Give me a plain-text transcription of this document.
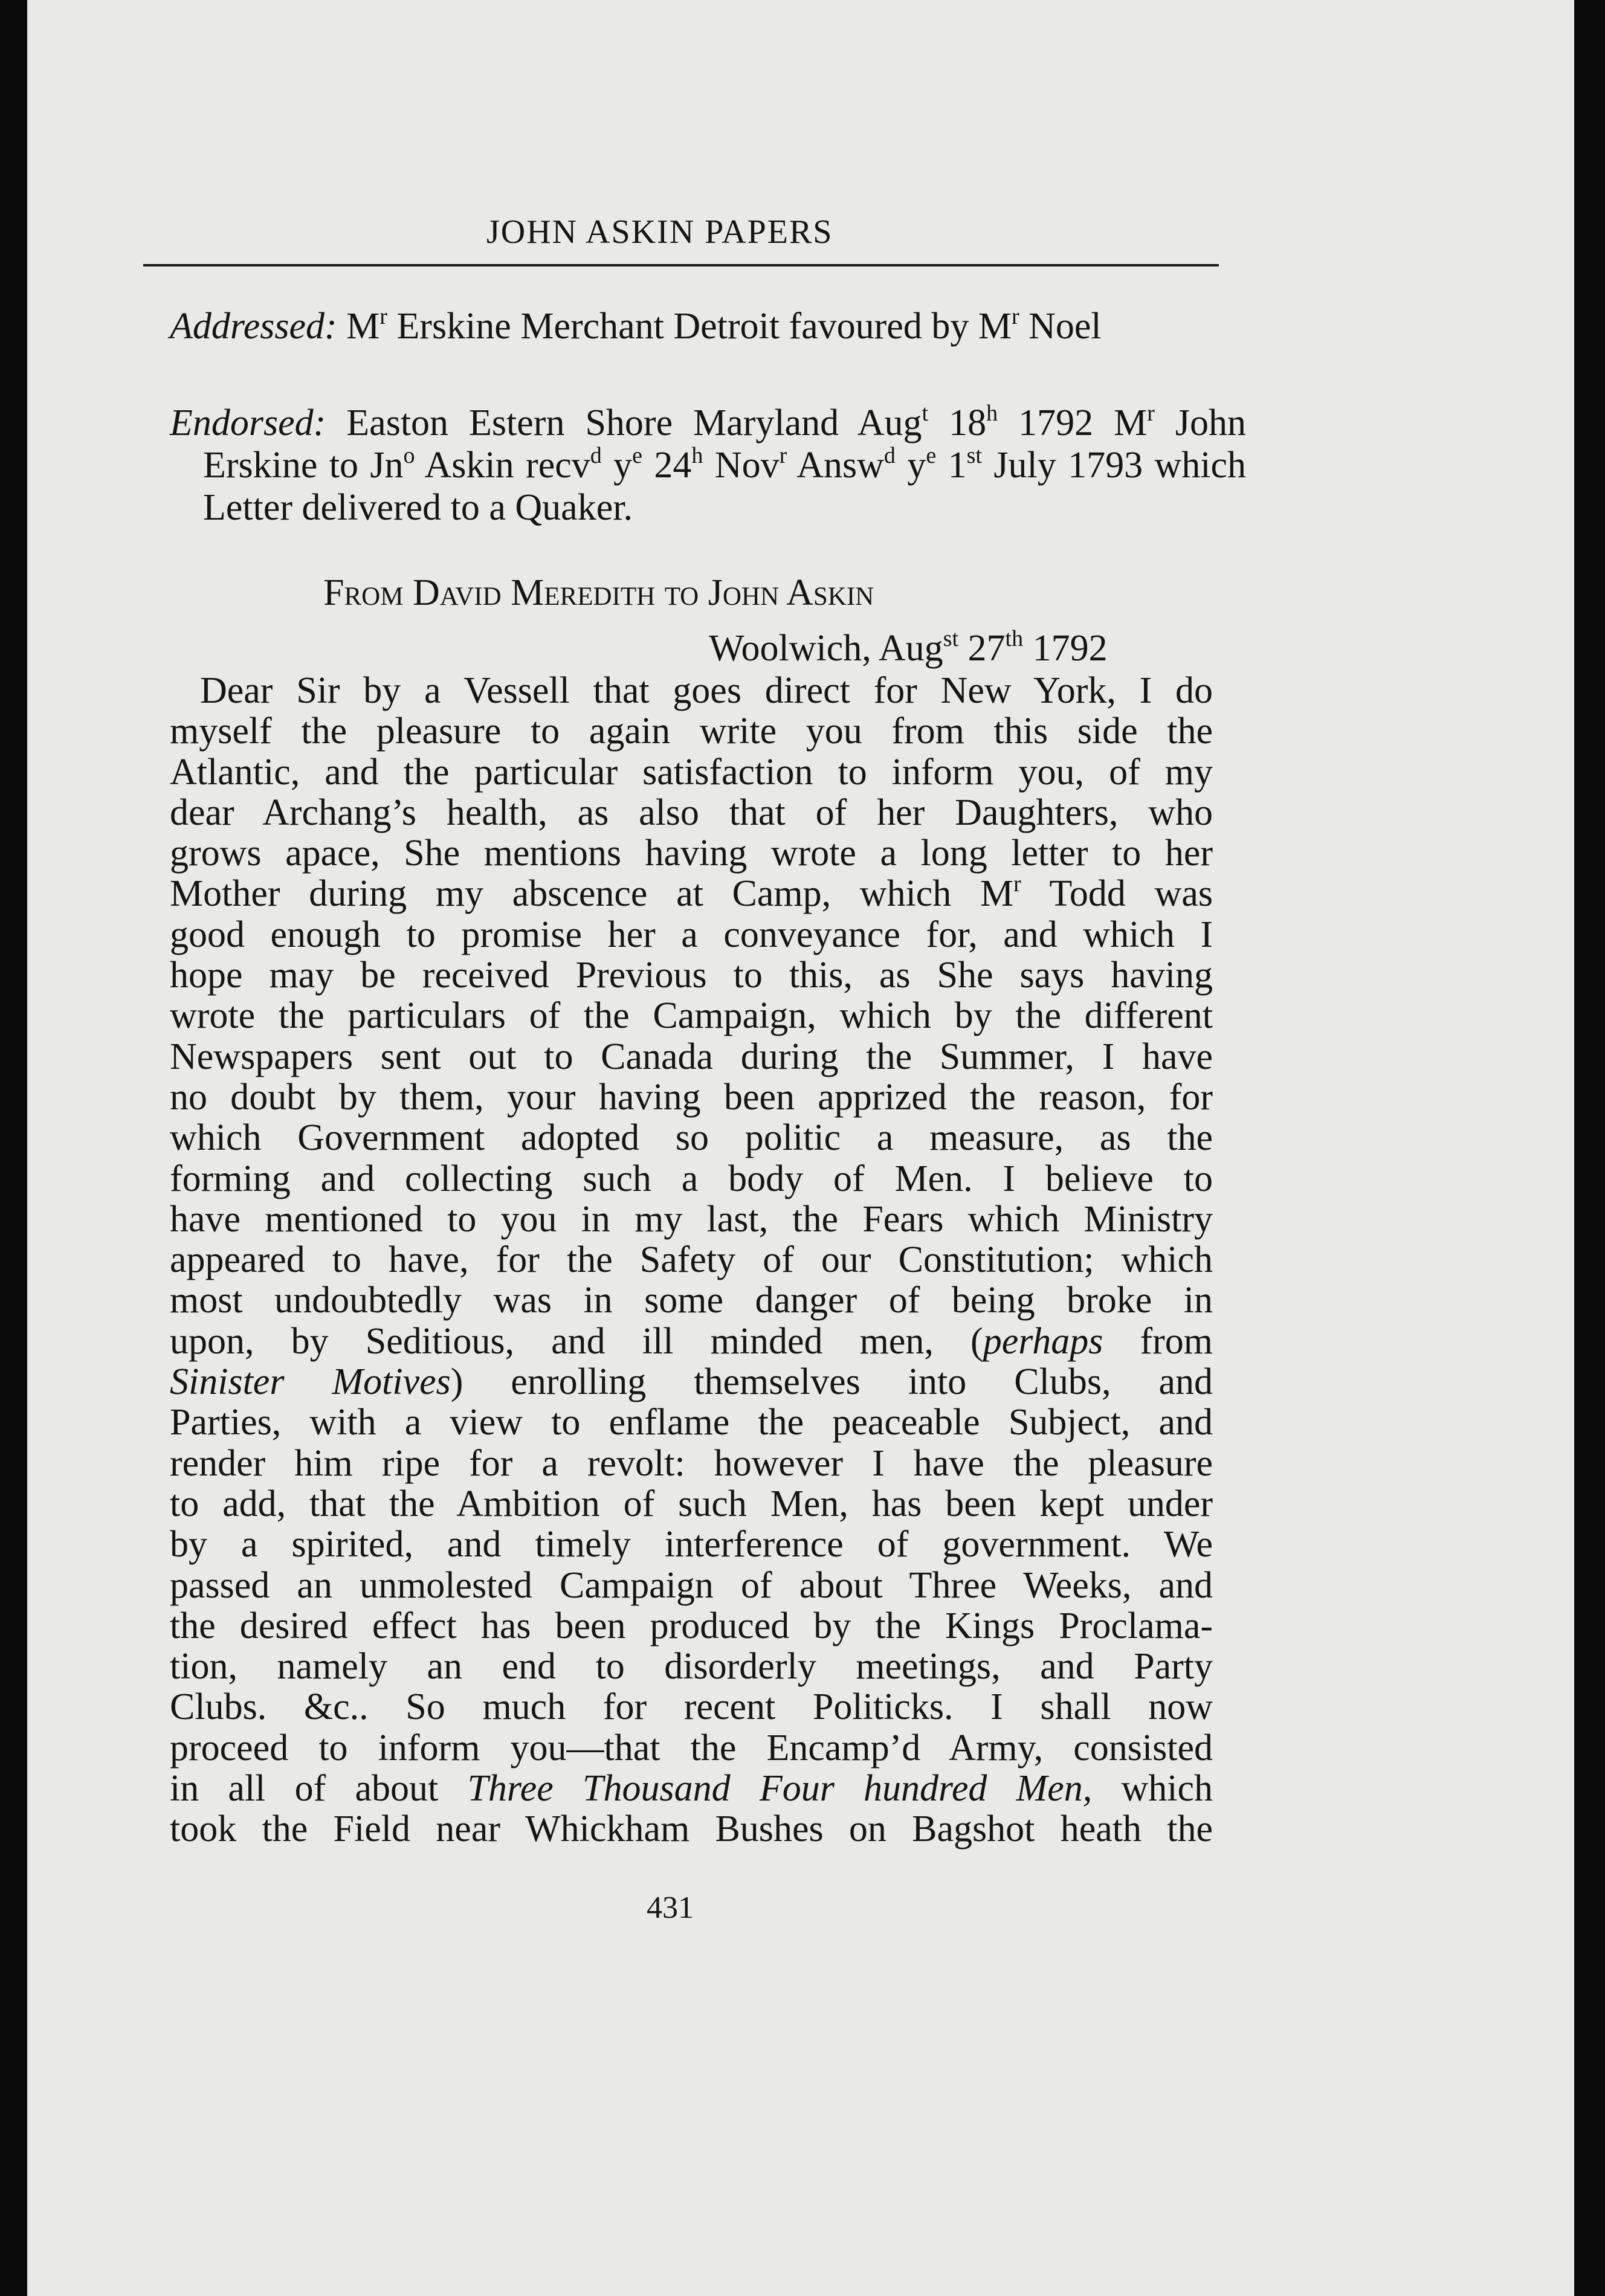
JOHN ASKIN PAPERS
Addressed: $M^r$ Erskine Merchant Detroit favoured by $M^r$ Noel
Endorsed: Easton Estern Shore Maryland Aug$^t$ 18$^h$ 1792 $M^r$ John Erskine to Jn$^o$ Askin recv$^d$ $y^e$ 24$^h$ Nov$^r$ Answ$^d$ $y^e$ 1st July 1793 which Letter delivered to a Quaker.
From David Meredith to John Askin
Woolwich, Aug$^{st}$ 27th 1792
Dear Sir by a Vessell that goes direct for New York, I do
myself the pleasure to again write you from this side the
Atlantic, and the particular satisfaction to inform you, of my
dear Archang’s health, as also that of her Daughters, who
grows apace, She mentions having wrote a long letter to her
Mother during my abscence at Camp, which $M^r$ Todd was
good enough to promise her a conveyance for, and which I
hope may be received Previous to this, as She says having
wrote the particulars of the Campaign, which by the different
Newspapers sent out to Canada during the Summer, I have
no doubt by them, your having been apprized the reason, for
which Government adopted so politic a measure, as the
forming and collecting such a body of Men. I believe to
have mentioned to you in my last, the Fears which Ministry
appeared to have, for the Safety of our Constitution; which
most undoubtedly was in some danger of being broke in
upon, by Seditious, and ill minded men, (perhaps from
Sinister Motives) enrolling themselves into Clubs, and
Parties, with a view to enflame the peaceable Subject, and
render him ripe for a revolt: however I have the pleasure
to add, that the Ambition of such Men, has been kept under
by a spirited, and timely interference of government. We
passed an unmolested Campaign of about Three Weeks, and
the desired effect has been produced by the Kings Proclama-
tion, namely an end to disorderly meetings, and Party
Clubs. &c.. So much for recent Politicks. I shall now
proceed to inform you—that the Encamp’d Army, consisted
in all of about Three Thousand Four hundred Men, which
took the Field near Whickham Bushes on Bagshot heath the
431
